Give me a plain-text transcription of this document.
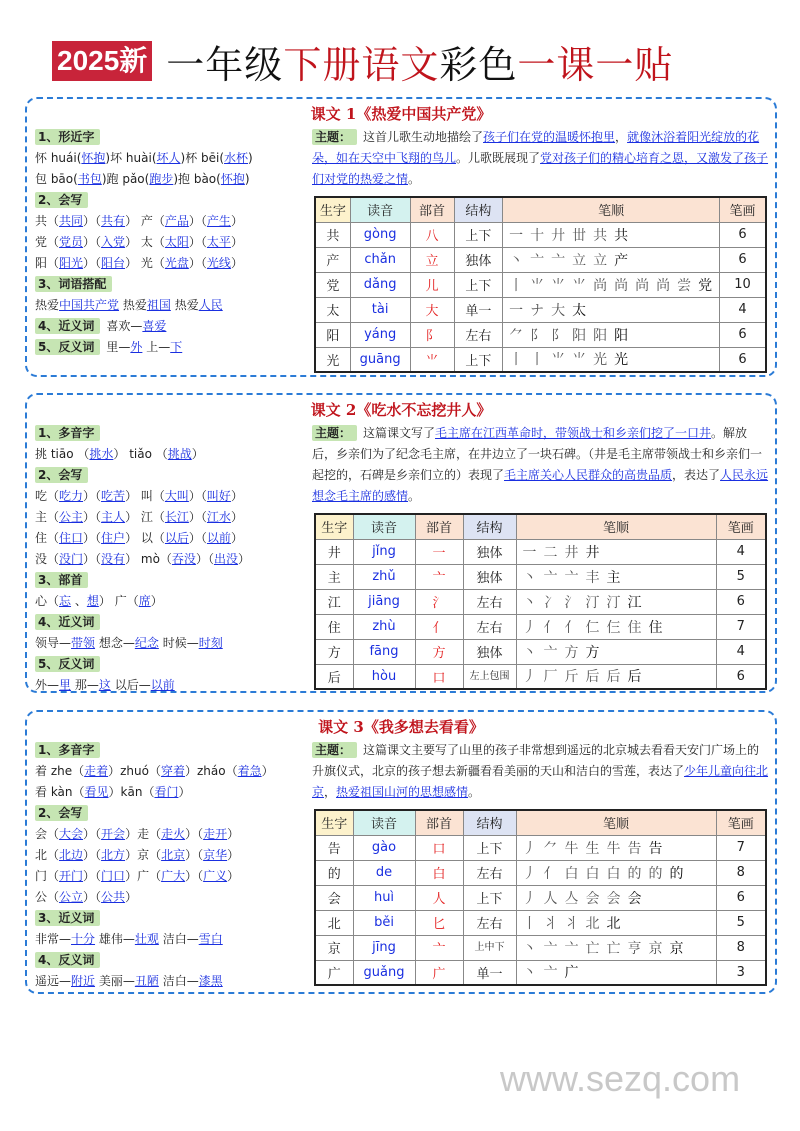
2025新 一年级下册语文彩色一课一贴
课文 1《热爱中国共产党》
1、形近字
怀 huái(怀抱)坏 huài(坏人)杯 bēi(水杯)
包 bāo(书包)跑 pǎo(跑步)抱 bào(怀抱)
2、会写
共（共同）（共有） 产（产品）（产生）
党（党员）（入党） 太（太阳）（太平）
阳（阳光）（阳台） 光（光盘）（光线）
3、词语搭配
热爱中国共产党 热爱祖国 热爱人民
4、近义词 喜欢—喜爱
5、反义词 里—外 上—下
主题： 这首儿歌生动地描绘了孩子们在党的温暖怀抱里，就像沐浴着阳光绽放的花朵，如在天空中飞翔的鸟儿。儿歌既展现了党对孩子们的精心培育之恩，又激发了孩子们对党的热爱之情。
生字	读音	部首	结构	笔顺	笔画
共	gòng	八	上下	一 十 廾 丗 共 共	6
产	chǎn	立	独体	丶 亠 亠 立 立 产	6
党	dǎng	儿	上下	丨 ⺌ ⺌ ⺌ 尚 尚 尚 尚 尝 党	10
太	tài	大	单一	一 ナ 大 太	4
阳	yáng	阝	左右	⺈ 阝 阝 阳 阳 阳	6
光	guāng	⺌	上下	丨 丨 ⺌ ⺌ 光 光	6
课文 2《吃水不忘挖井人》
1、多音字
挑 tiāo （挑水） tiǎo （挑战）
2、会写
吃（吃力）（吃苦） 叫（大叫）（叫好）
主（公主）（主人） 江（长江）（江水）
住（住口）（住户） 以（以后）（以前）
没（没门）（没有） mò（吞没）（出没）
3、部首
心（忘 、想） 广（席）
4、近义词
领导—带领 想念—纪念 时候—时刻
5、反义词
外—里 那—这 以后—以前
主题： 这篇课文写了毛主席在江西革命时，带领战士和乡亲们挖了一口井。解放后，乡亲们为了纪念毛主席，在井边立了一块石碑。（井是毛主席带领战士和乡亲们一起挖的，石碑是乡亲们立的）表现了毛主席关心人民群众的高贵品质，表达了人民永远想念毛主席的感情。
生字	读音	部首	结构	笔顺	笔画
井	jǐng	一	独体	一 二 井 井	4
主	zhǔ	亠	独体	丶 亠 亠 丰 主	5
江	jiāng	氵	左右	丶 冫 氵 汀 汀 江	6
住	zhù	亻	左右	丿 亻 亻 仁 仨 住 住	7
方	fāng	方	独体	丶 亠 方 方	4
后	hòu	口	左上包围	丿 厂 斤 后 后 后	6
课文 3《我多想去看看》
1、多音字
着 zhe（走着）zhuó（穿着）zháo（着急）
看 kàn（看见）kān（看门）
2、会写
会（大会）（开会）走（走火）（走开）
北（北边）（北方）京（北京）（京华）
门（开门）（门口）广（广大）（广义）
公（公立）（公共）
3、近义词
非常—十分 雄伟—壮观 洁白—雪白
4、反义词
遥远—附近 美丽—丑陋 洁白—漆黑
主题： 这篇课文主要写了山里的孩子非常想到遥远的北京城去看看天安门广场上的升旗仪式，北京的孩子想去新疆看看美丽的天山和洁白的雪莲，表达了少年儿童向往北京，热爱祖国山河的思想感情。
生字	读音	部首	结构	笔顺	笔画
告	gào	口	上下	丿 ⺈ 牛 生 牛 告 告	7
的	de	白	左右	丿 亻 白 白 白 的 的 的	8
会	huì	人	上下	丿 人 亼 会 会 会	6
北	běi	匕	左右	丨 丬 丬 北 北	5
京	jīng	亠	上中下	丶 亠 亠 亡 亡 亨 京 京	8
广	guǎng	广	单一	丶 亠 广	3
www.sezq.com
